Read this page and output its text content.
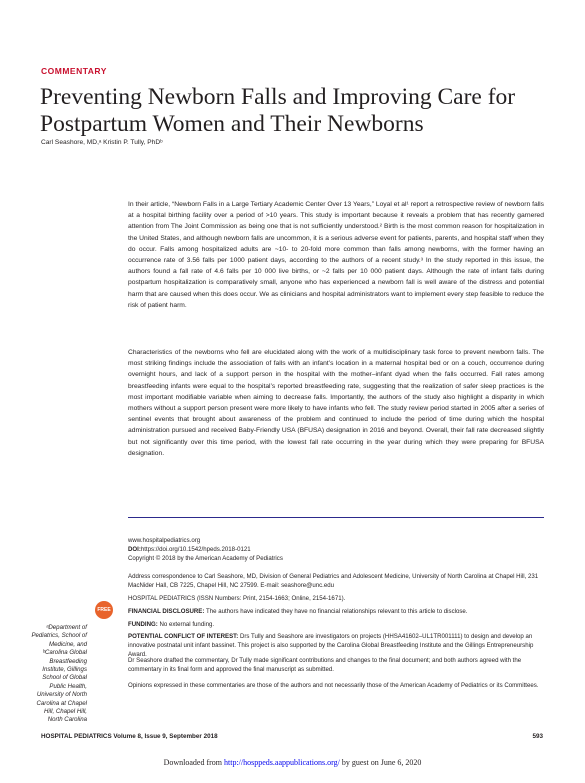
COMMENTARY
Preventing Newborn Falls and Improving Care for Postpartum Women and Their Newborns
Carl Seashore, MD,ᵃ Kristin P. Tully, PhDᵇ

In their article, “Newborn Falls in a Large Tertiary Academic Center Over 13 Years,” Loyal et al¹ report a retrospective review of newborn falls at a hospital birthing facility over a period of >10 years. This study is important because it reveals a problem that has recently garnered attention from The Joint Commission as being one that is not sufficiently understood.² Birth is the most common reason for hospitalization in the United States, and although newborn falls are uncommon, it is a serious adverse event for patients, parents, and hospital staff when they do occur. Falls among hospitalized adults are ~10- to 20-fold more common than falls among newborns, with the former having an occurrence rate of 3.56 falls per 1000 patient days, according to the authors of a recent study.³ In the study reported in this issue, the authors found a fall rate of 4.6 falls per 10 000 live births, or ~2 falls per 10 000 patient days. Although the rate of infant falls during postpartum hospitalization is comparatively small, anyone who has experienced a newborn fall is well aware of the distress and potential harm that are caused when this does occur. We as clinicians and hospital administrators want to implement every step feasible to reduce the risk of patient harm.

Characteristics of the newborns who fell are elucidated along with the work of a multidisciplinary task force to prevent newborn falls. The most striking findings include the association of falls with an infant’s location in a maternal hospital bed or on a couch, occurrence during overnight hours, and lack of a support person in the hospital with the mother–infant dyad when the falls occurred. Fall rates among breastfeeding infants were equal to the hospital’s reported breastfeeding rate, suggesting that the realization of safer sleep practices is the most important modifiable variable when aiming to decrease falls. Importantly, the authors of the study also highlight a disparity in which mothers without a support person present were more likely to have infants who fell. The study review period started in 2005 after a series of sentinel events that brought about awareness of the problem and continued to include the period of time during which the hospital administration pursued and received Baby-Friendly USA (BFUSA) designation in 2016 and beyond. Overall, their fall rate decreased slightly but not significantly over this time period, with the lowest fall rate occurring in the year during which they were preparing for BFUSA designation.

www.hospitalpediatrics.org
DOI:https://doi.org/10.1542/hpeds.2018-0121
Copyright © 2018 by the American Academy of Pediatrics

Address correspondence to Carl Seashore, MD, Division of General Pediatrics and Adolescent Medicine, University of North Carolina at Chapel Hill, 231 MacNider Hall, CB 7225, Chapel Hill, NC 27599. E-mail: seashore@unc.edu

HOSPITAL PEDIATRICS (ISSN Numbers: Print, 2154-1663; Online, 2154-1671).

FINANCIAL DISCLOSURE: The authors have indicated they have no financial relationships relevant to this article to disclose.

FUNDING: No external funding.

POTENTIAL CONFLICT OF INTEREST: Drs Tully and Seashore are investigators on projects (HHSA41602–UL1TR001111) to design and develop an innovative postnatal unit infant bassinet. This project is also supported by the Carolina Global Breastfeeding Institute and the Gillings Entrepreneurship Award.

Dr Seashore drafted the commentary, Dr Tully made significant contributions and changes to the final document; and both authors agreed with the commentary in its final form and approved the final manuscript as submitted.

Opinions expressed in these commentaries are those of the authors and not necessarily those of the American Academy of Pediatrics or its Committees.

FREE
ᵃDepartment of Pediatrics, School of Medicine, and ᵇCarolina Global Breastfeeding Institute, Gillings School of Global Public Health, University of North Carolina at Chapel Hill, Chapel Hill, North Carolina
HOSPITAL PEDIATRICS Volume 8, Issue 9, September 2018	593
Downloaded from http://hosppeds.aappublications.org/ by guest on June 6, 2020
